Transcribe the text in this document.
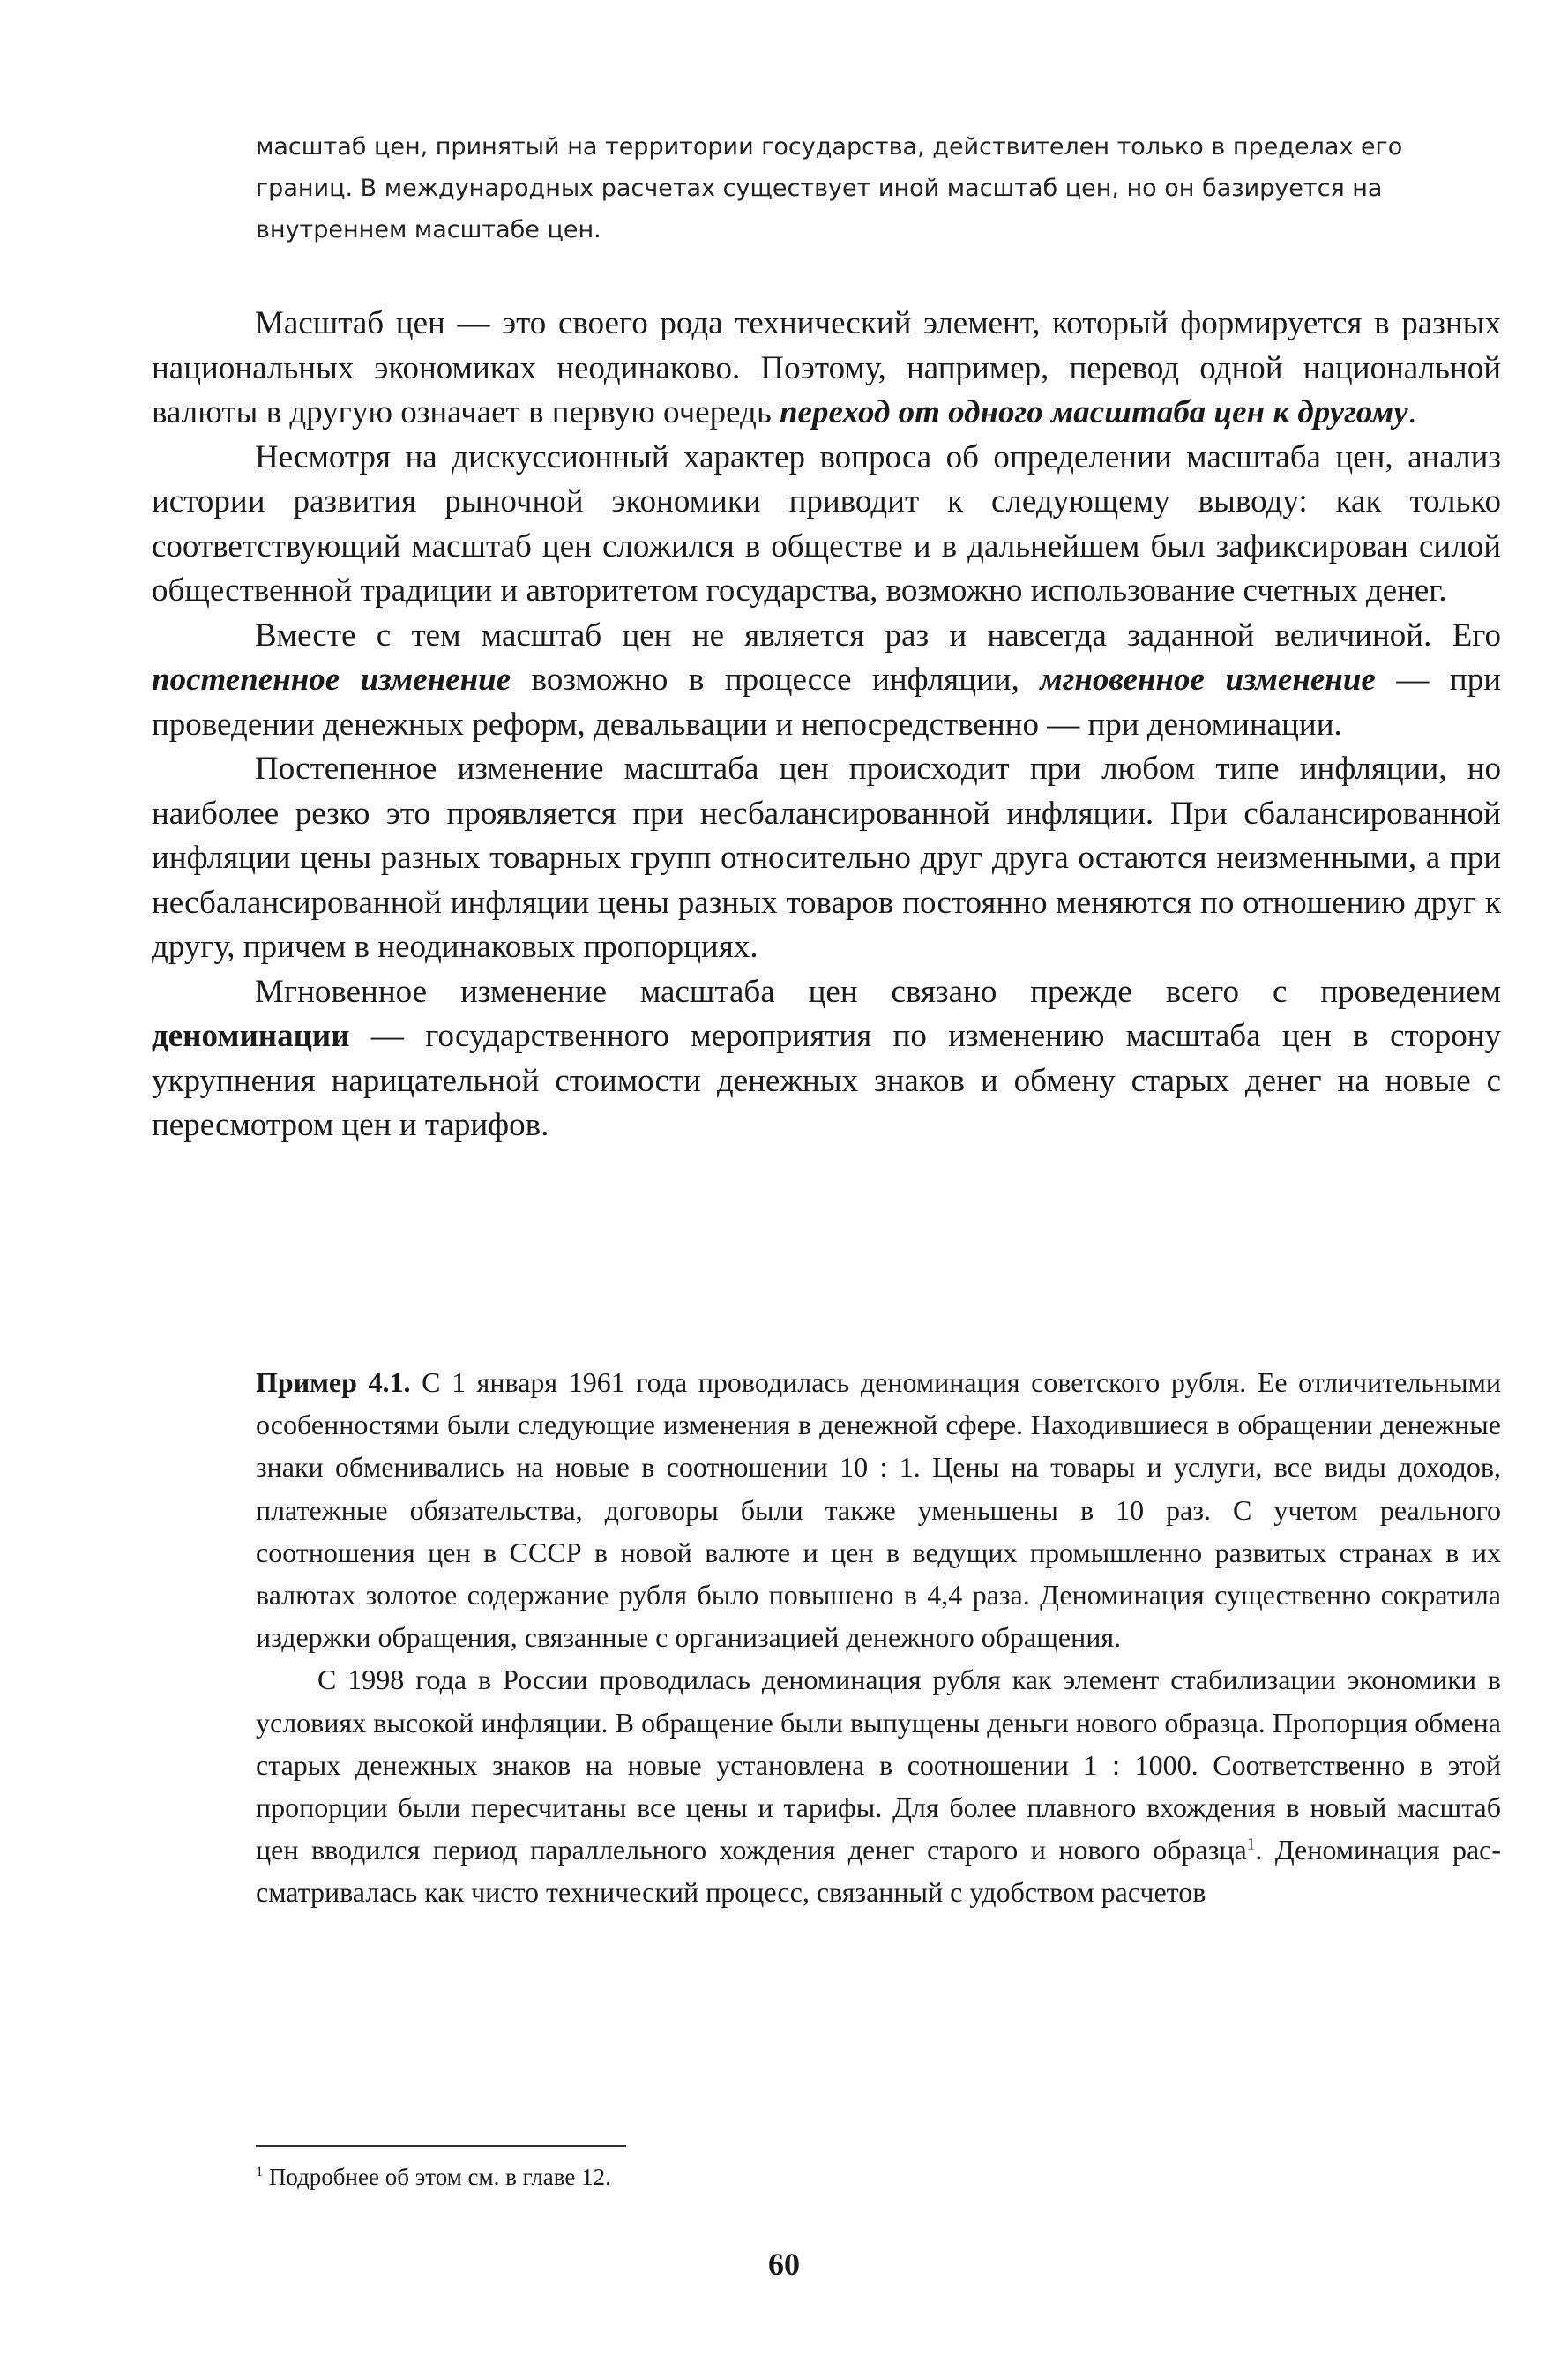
масштаб цен, принятый на территории государства, действителен только в пределах его границ. В международных расчетах существует иной масштаб цен, но он базируется на внутреннем масштабе цен.

Масштаб цен — это своего рода технический элемент, который формируется в разных национальных экономиках неодинаково. Поэтому, например, перевод одной национальной валюты в другую означает в первую очередь переход от одного масштаба цен к другому.

Несмотря на дискуссионный характер вопроса об определении масштаба цен, анализ истории развития рыночной экономики приводит к следующему выводу: как только соответствующий масштаб цен сложился в обществе и в дальнейшем был зафиксирован силой общественной традиции и авторитетом государства, возможно использование счетных денег.

Вместе с тем масштаб цен не является раз и навсегда заданной величиной. Его постепенное изменение возможно в процессе инфляции, мгновенное изменение — при проведении денежных реформ, девальвации и непосредственно — при деноминации.

Постепенное изменение масштаба цен происходит при любом типе инфляции, но наиболее резко это проявляется при несбалансированной инфляции. При сбалансированной инфляции цены разных товарных групп относительно друг друга остаются неизменными, а при несбалансированной инфляции цены разных товаров постоянно меняются по отношению друг к другу, причем в неодинаковых пропорциях.

Мгновенное изменение масштаба цен связано прежде всего с проведением деноминации — государственного мероприятия по изменению масштаба цен в сторону укрупнения нарицательной стоимости денежных знаков и обмену старых денег на новые с пересмотром цен и тарифов.

Пример 4.1. С 1 января 1961 года проводилась деноминация советского рубля. Ее отличительными особенностями были следующие изменения в денежной сфере. Находившиеся в обращении денежные знаки обменивались на новые в соотношении 10 : 1. Цены на товары и услуги, все виды доходов, платежные обязательства, договоры были также уменьшены в 10 раз. С учетом реального соотношения цен в СССР в новой валюте и цен в ведущих промышленно развитых странах в их валютах золотое содержание рубля было повышено в 4,4 раза. Деноминация существенно сократила издержки обращения, связанные с организацией денежного обращения.

С 1998 года в России проводилась деноминация рубля как элемент стабилизации экономики в условиях высокой инфляции. В обращение были выпущены деньги нового образца. Пропорция обмена старых денежных знаков на новые установлена в соотношении 1 : 1000. Соответственно в этой пропорции были пересчитаны все цены и тарифы. Для более плавного вхождения в новый масштаб цен вводился период параллельного хождения денег старого и нового образца$^1$. Деноминация рассматривалась как чисто технический процесс, связанный с удобством расчетов

$^1$ Подробнее об этом см. в главе 12.
60
